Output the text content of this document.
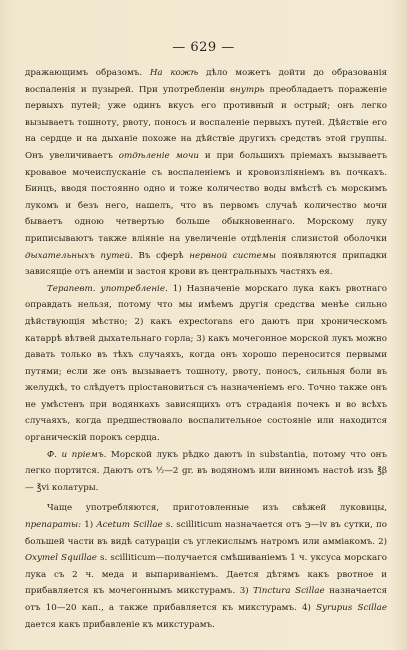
— 629 —

дражающимъ образомъ. На кожѣ дѣло можетъ дойти до образованія воспаленія и пузырей. При употребленіи внутрь преобладаетъ пораженіе первыхъ путей; уже одинъ вкусъ его противный и острый; онъ легко вызываетъ тошноту, рвоту, поносъ и воспаленіе первыхъ путей. Дѣйствіе его на сердце и на дыханіе похоже на дѣйствіе другихъ средствъ этой группы. Онъ увеличиваетъ отдѣленіе мочи и при большихъ пріемахъ вызываетъ кровавое мочеиспусканіе съ воспаленіемъ и кровоизліяніемъ въ почкахъ. Бинцъ, вводя постоянно одно и тоже количество воды вмѣстѣ съ морскимъ лукомъ и безъ него, нашелъ, что въ первомъ случаѣ количество мочи бываетъ одною четвертью больше обыкновеннаго. Морскому луку приписываютъ также вліяніе на увеличеніе отдѣленія слизистой оболочки дыхательныхъ путей. Въ сферѣ нервной системы появляются припадки зависящіе отъ анеміи и застоя крови въ центральныхъ частяхъ ея.

Терапевт. употребленіе. 1) Назначеніе морскаго лука какъ рвотнаго оправдать нельзя, потому что мы имѣемъ другія средства менѣе сильно дѣйствующія мѣстно; 2) какъ expectorans его даютъ при хроническомъ катаррѣ вѣтвей дыхательнаго горла; 3) какъ мочегонное морской лукъ можно давать только въ тѣхъ случаяхъ, когда онъ хорошо переносится первыми путями; если же онъ вызываетъ тошноту, рвоту, поносъ, сильныя боли въ желудкѣ, то слѣдуетъ пріостановиться съ назначеніемъ его. Точно также онъ не умѣстенъ при водянкахъ зависящихъ отъ страданія почекъ и во всѣхъ случаяхъ, когда предшествовало воспалительное состояніе или находится органическій порокъ сердца.

Ф. и пріемъ. Морской лукъ рѣдко даютъ in substantia, потому что онъ легко портится. Даютъ отъ ½—2 gr. въ водяномъ или винномъ настоѣ изъ ℥β — ℥vi колатуры.

Чаще употребляются, приготовленные изъ свѣжей луковицы, препараты: 1) Acetum Scillae s. scilliticum назначается отъ ℈—iv въ сутки, по большей части въ видѣ сатураціи съ углекислымъ натромъ или амміакомъ. 2) Oxymel Squillae s. scilliticum—получается смѣшиваніемъ 1 ч. уксуса морскаго лука съ 2 ч. меда и выпариваніемъ. Дается дѣтямъ какъ рвотное и прибавляется къ мочегоннымъ микстурамъ. 3) Tinctura Scillae назначается отъ 10—20 кап., а также прибавляется къ микстурамъ. 4) Syrupus Scillae дается какъ прибавленіе къ микстурамъ.
